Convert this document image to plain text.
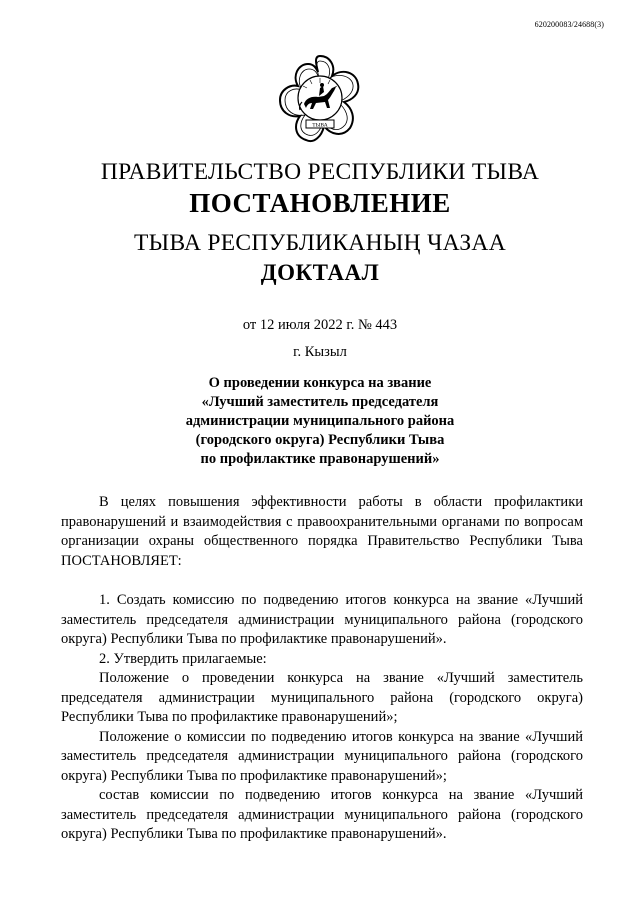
620200083/24688(3)
ТЫВА
ПРАВИТЕЛЬСТВО РЕСПУБЛИКИ ТЫВА
ПОСТАНОВЛЕНИЕ
ТЫВА РЕСПУБЛИКАНЫҢ ЧАЗАА
ДОКТААЛ
от 12 июля 2022 г. № 443
г. Кызыл
О проведении конкурса на звание
«Лучший заместитель председателя
администрации муниципального района
(городского округа) Республики Тыва
по профилактике правонарушений»

В целях повышения эффективности работы в области профилактики правонарушений и взаимодействия с правоохранительными органами по вопросам организации охраны общественного порядка Правительство Республики Тыва ПОСТАНОВЛЯЕТ:

1. Создать комиссию по подведению итогов конкурса на звание «Лучший заместитель председателя администрации муниципального района (городского округа) Республики Тыва по профилактике правонарушений».

2. Утвердить прилагаемые:

Положение о проведении конкурса на звание «Лучший заместитель председателя администрации муниципального района (городского округа) Республики Тыва по профилактике правонарушений»;

Положение о комиссии по подведению итогов конкурса на звание «Лучший заместитель председателя администрации муниципального района (городского округа) Республики Тыва по профилактике правонарушений»;

состав комиссии по подведению итогов конкурса на звание «Лучший заместитель председателя администрации муниципального района (городского округа) Республики Тыва по профилактике правонарушений».
